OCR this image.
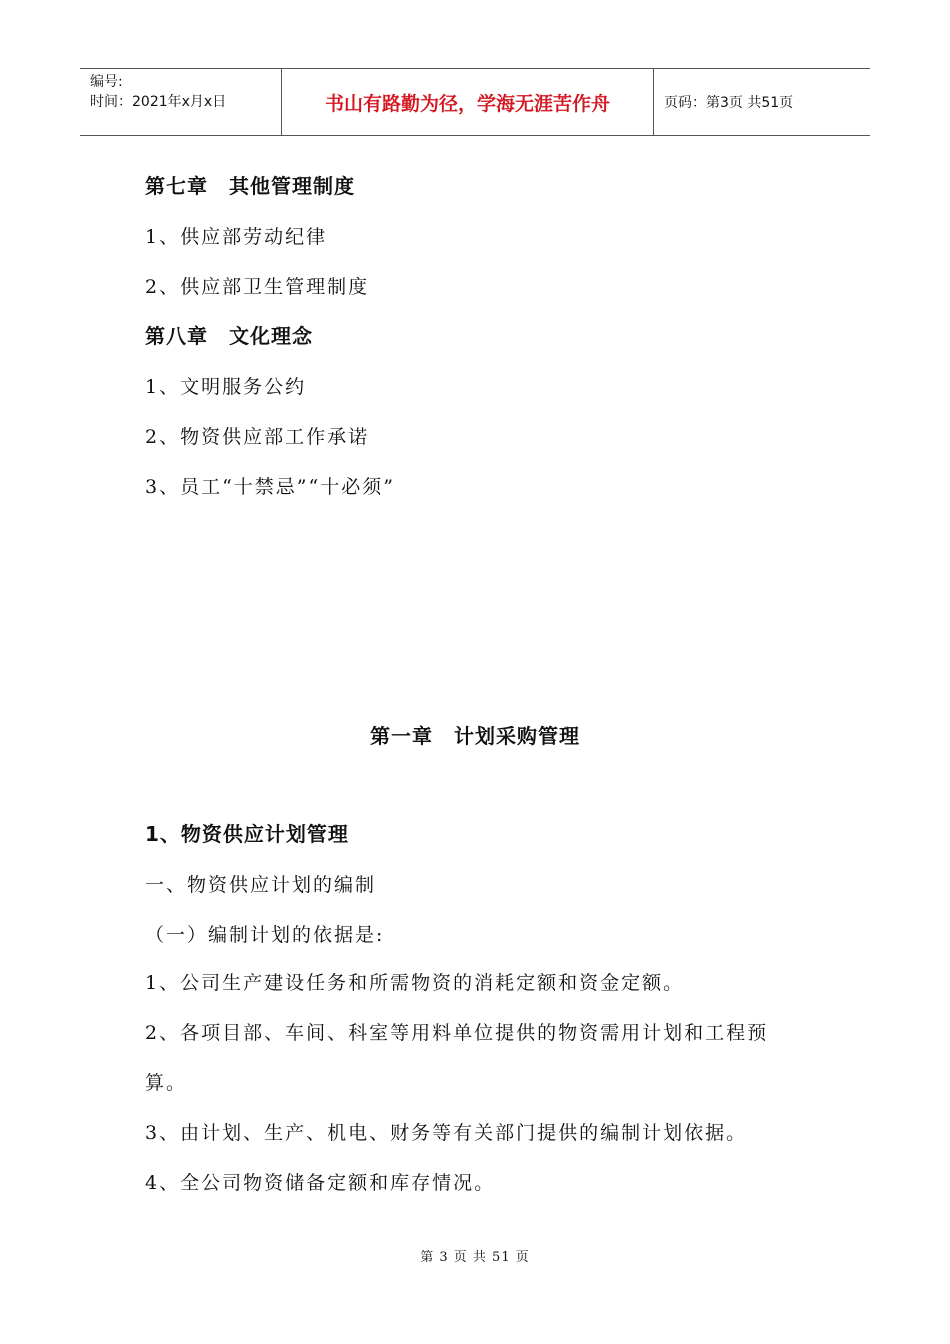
编号:
时间：2021年x月x日	书山有路勤为径，学海无涯苦作舟	页码：第3页 共51页
第七章　其他管理制度
1、供应部劳动纪律
2、供应部卫生管理制度
第八章　文化理念
1、文明服务公约
2、物资供应部工作承诺
3、员工“十禁忌”“十必须”
第一章　计划采购管理
1、物资供应计划管理
一、物资供应计划的编制
（一）编制计划的依据是:
1、公司生产建设任务和所需物资的消耗定额和资金定额。
2、各项目部、车间、科室等用料单位提供的物资需用计划和工程预
算。
3、由计划、生产、机电、财务等有关部门提供的编制计划依据。
4、全公司物资储备定额和库存情况。
第 3 页 共 51 页
